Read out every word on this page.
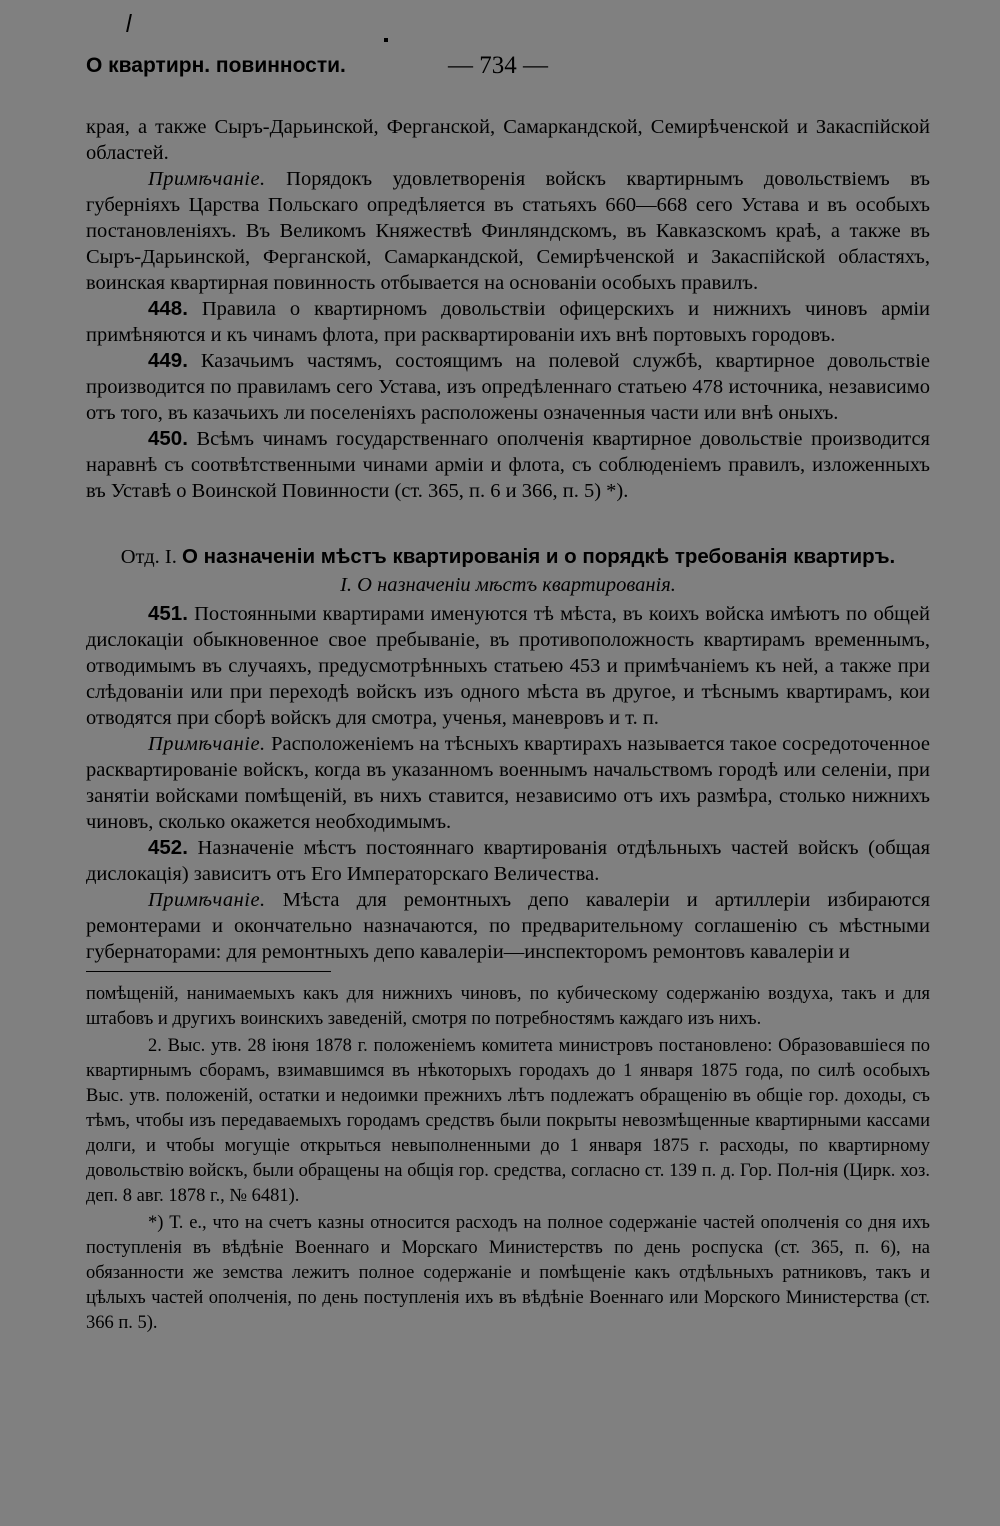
О квартирн. повинности.	— 734 —

края, а также Сыръ-Дарьинской, Ферганской, Самаркандской, Семирѣченской и Закаспійской областей.

Примѣчаніе. Порядокъ удовлетворенія войскъ квартирнымъ довольствіемъ въ губерніяхъ Царства Польскаго опредѣляется въ статьяхъ 660—668 сего Устава и въ особыхъ постановленіяхъ. Въ Великомъ Княжествѣ Финляндскомъ, въ Кавказскомъ краѣ, а также въ Сыръ-Дарьинской, Ферганской, Самаркандской, Семирѣченской и Закаспійской областяхъ, воинская квартирная повинность отбывается на основаніи особыхъ правилъ.

448. Правила о квартирномъ довольствіи офицерскихъ и нижнихъ чиновъ арміи примѣняются и къ чинамъ флота, при расквартированіи ихъ внѣ портовыхъ городовъ.

449. Казачьимъ частямъ, состоящимъ на полевой службѣ, квартирное довольствіе производится по правиламъ сего Устава, изъ опредѣленнаго статьею 478 источника, независимо отъ того, въ казачьихъ ли поселеніяхъ расположены означенныя части или внѣ оныхъ.

450. Всѣмъ чинамъ государственнаго ополченія квартирное довольствіе производится наравнѣ съ соотвѣтственными чинами арміи и флота, съ соблюденіемъ правилъ, изложенныхъ въ Уставѣ о Воинской Повинности (ст. 365, п. 6 и 366, п. 5) *).

Отд. I. О назначеніи мѣстъ квартированія и о порядкѣ требованія квартиръ.

I. О назначеніи мѣстъ квартированія.

451. Постоянными квартирами именуются тѣ мѣста, въ коихъ войска имѣютъ по общей дислокаціи обыкновенное свое пребываніе, въ противоположность квартирамъ временнымъ, отводимымъ въ случаяхъ, предусмотрѣнныхъ статьею 453 и примѣчаніемъ къ ней, а также при слѣдованіи или при переходѣ войскъ изъ одного мѣста въ другое, и тѣснымъ квартирамъ, кои отводятся при сборѣ войскъ для смотра, ученья, маневровъ и т. п.

Примѣчаніе. Расположеніемъ на тѣсныхъ квартирахъ называется такое сосредоточенное расквартированіе войскъ, когда въ указанномъ военнымъ начальствомъ городѣ или селеніи, при занятіи войсками помѣщеній, въ нихъ ставится, независимо отъ ихъ размѣра, столько нижнихъ чиновъ, сколько окажется необходимымъ.

452. Назначеніе мѣстъ постояннаго квартированія отдѣльныхъ частей войскъ (общая дислокація) зависитъ отъ Его Императорскаго Величества.

Примѣчаніе. Мѣста для ремонтныхъ депо кавалеріи и артиллеріи избираются ремонтерами и окончательно назначаются, по предварительному соглашенію съ мѣстными губернаторами: для ремонтныхъ депо кавалеріи—инспекторомъ ремонтовъ кавалеріи и

помѣщеній, нанимаемыхъ какъ для нижнихъ чиновъ, по кубическому содержанію воздуха, такъ и для штабовъ и другихъ воинскихъ заведеній, смотря по потребностямъ каждаго изъ нихъ.

2. Выс. утв. 28 іюня 1878 г. положеніемъ комитета министровъ постановлено: Образовавшіеся по квартирнымъ сборамъ, взимавшимся въ нѣкоторыхъ городахъ до 1 января 1875 года, по силѣ особыхъ Выс. утв. положеній, остатки и недоимки прежнихъ лѣтъ подлежатъ обращенію въ общіе гор. доходы, съ тѣмъ, чтобы изъ передаваемыхъ городамъ средствъ были покрыты невозмѣщенные квартирными кассами долги, и чтобы могущіе открыться невыполненными до 1 января 1875 г. расходы, по квартирному довольствію войскъ, были обращены на общія гор. средства, согласно ст. 139 п. д. Гор. Пол-нія (Цирк. хоз. деп. 8 авг. 1878 г., № 6481).

*) Т. е., что на счетъ казны относится расходъ на полное содержаніе частей ополченія со дня ихъ поступленія въ вѣдѣніе Военнаго и Морскаго Министерствъ по день роспуска (ст. 365, п. 6), на обязанности же земства лежитъ полное содержаніе и помѣщеніе какъ отдѣльныхъ ратниковъ, такъ и цѣлыхъ частей ополченія, по день поступленія ихъ въ вѣдѣніе Военнаго или Морского Министерства (ст. 366 п. 5).
